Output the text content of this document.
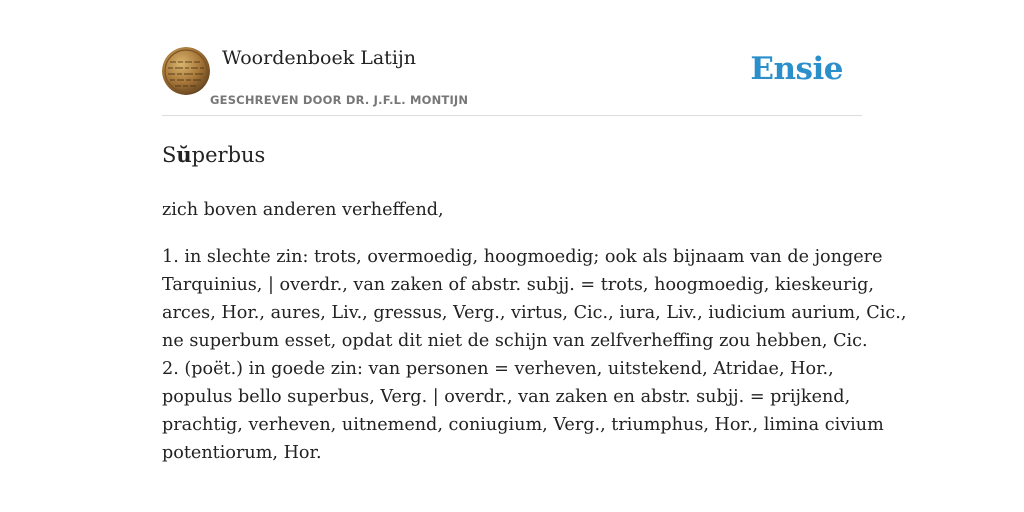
Woordenboek Latijn
GESCHREVEN DOOR DR. J.F.L. MONTIJN
Ensie
Sŭperbus
zich boven anderen verheffend,
1. in slechte zin: trots, overmoedig, hoogmoedig; ook als bijnaam van de jongere
Tarquinius, | overdr., van zaken of abstr. subjj. = trots, hoogmoedig, kieskeurig,
arces, Hor., aures, Liv., gressus, Verg., virtus, Cic., iura, Liv., iudicium aurium, Cic.,
ne superbum esset, opdat dit niet de schijn van zelfverheffing zou hebben, Cic.
2. (poët.) in goede zin: van personen = verheven, uitstekend, Atridae, Hor.,
populus bello superbus, Verg. | overdr., van zaken en abstr. subjj. = prijkend,
prachtig, verheven, uitnemend, coniugium, Verg., triumphus, Hor., limina civium
potentiorum, Hor.
